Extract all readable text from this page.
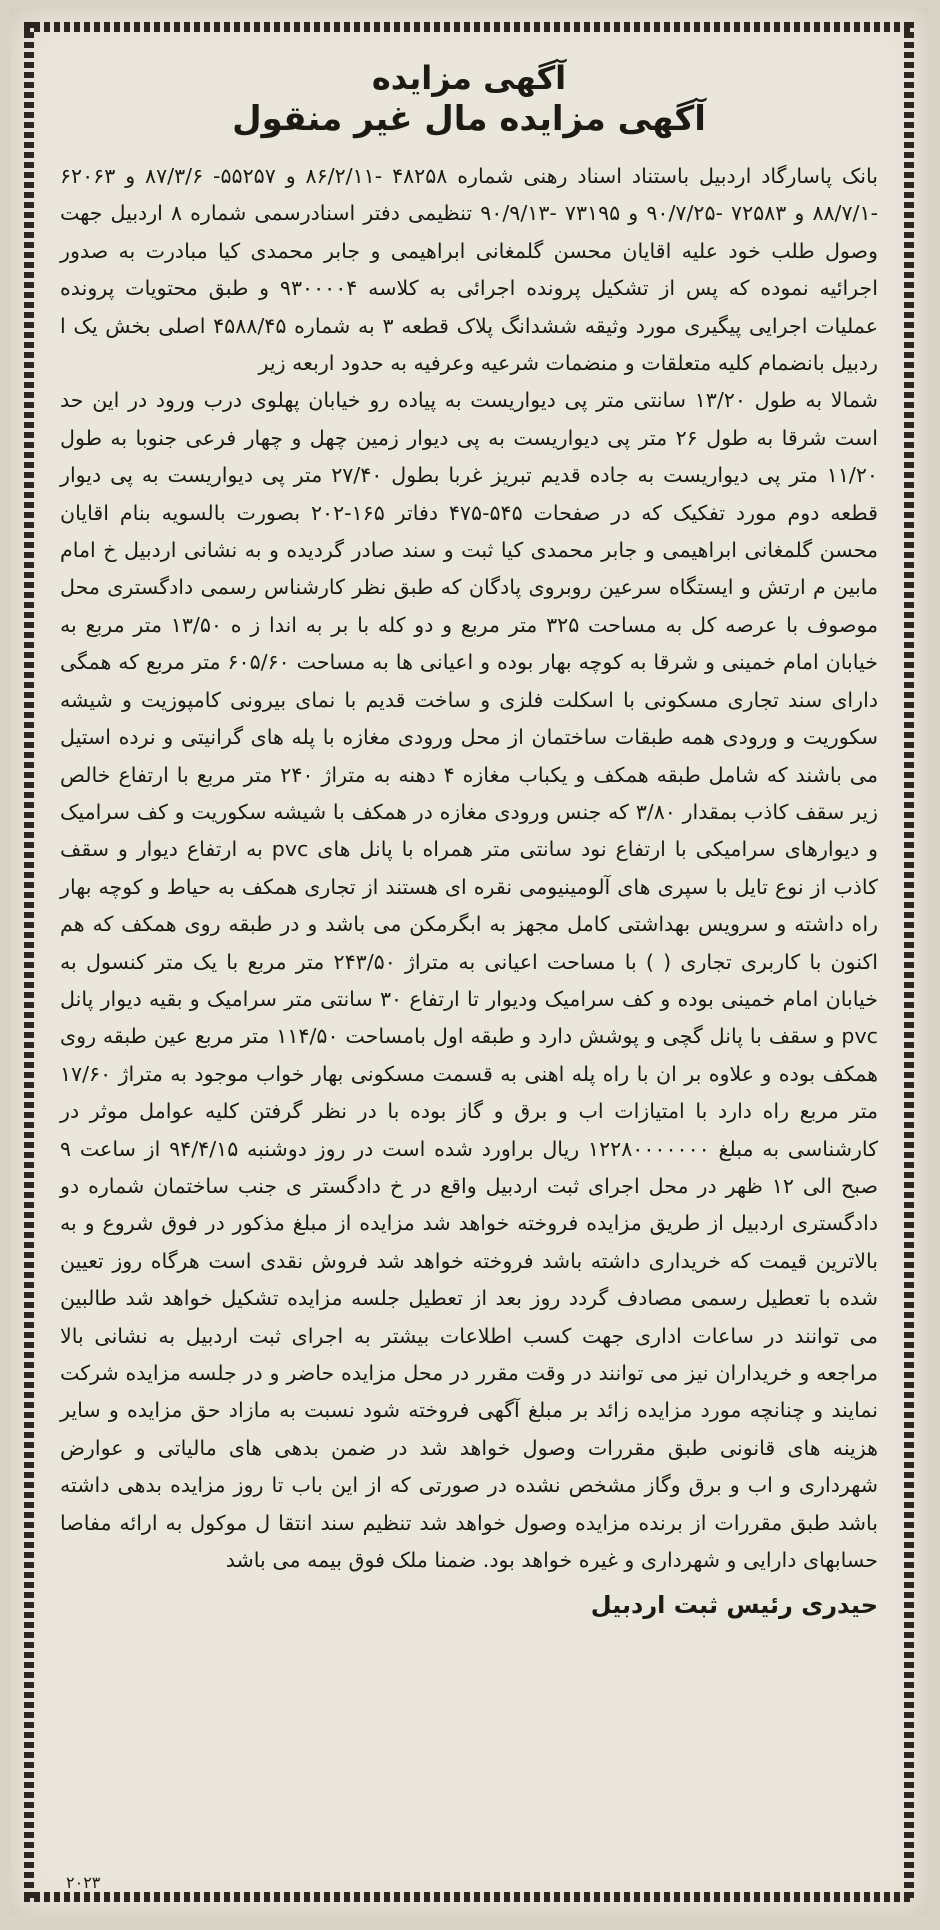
آگهی مزایده
آگهی مزایده مال غیر منقول

بانک پاسارگاد اردبیل باستناد اسناد رهنی شماره ۴۸۲۵۸ -۸۶/۲/۱۱ و ۵۵۲۵۷- ۸۷/۳/۶ و ۶۲۰۶۳ -۸۸/۷/۱ و ۷۲۵۸۳ -۹۰/۷/۲۵ و ۷۳۱۹۵ -۹۰/۹/۱۳ تنظیمی دفتر اسنادرسمی شماره ۸ اردبیل جهت وصول طلب خود علیه اقایان محسن گلمغانی ابراهیمی و جابر محمدی کیا مبادرت به صدور اجرائیه نموده که پس از تشکیل پرونده اجرائی به کلاسه ۹۳۰۰۰۰۴ و طبق محتویات پرونده عملیات اجرایی پیگیری مورد وثیقه ششدانگ پلاک قطعه ۳ به شماره ۴۵۸۸/۴۵ اصلی بخش یک ا ردبیل بانضمام کلیه متعلقات و منضمات شرعیه وعرفیه به حدود اربعه زیر

شمالا به طول ۱۳/۲۰ سانتی متر پی دیواریست به پیاده رو خیابان پهلوی درب ورود در این حد است شرقا به طول ۲۶ متر پی دیواریست به پی دیوار زمین چهل و چهار فرعی جنوبا به طول ۱۱/۲۰ متر پی دیواریست به جاده قدیم تبریز غربا بطول ۲۷/۴۰ متر پی دیواریست به پی دیوار قطعه دوم مورد تفکیک که در صفحات ۵۴۵-۴۷۵ دفاتر ۱۶۵-۲۰۲ بصورت بالسویه بنام اقایان محسن گلمغانی ابراهیمی و جابر محمدی کیا ثبت و سند صادر گردیده و به نشانی اردبیل خ امام مابین م ارتش و ایستگاه سرعین روبروی پادگان که طبق نظر کارشناس رسمی دادگستری محل موصوف با عرصه کل به مساحت ۳۲۵ متر مربع و دو کله با بر به اندا ز ه ۱۳/۵۰ متر مربع به خیابان امام خمینی و شرقا به کوچه بهار بوده و اعیانی ها به مساحت ۶۰۵/۶۰ متر مربع که همگی دارای سند تجاری مسکونی با اسکلت فلزی و ساخت قدیم با نمای بیرونی کامپوزیت و شیشه سکوریت و ورودی همه طبقات ساختمان از محل ورودی مغازه با پله های گرانیتی و نرده استیل می باشند که شامل طبقه همکف و یکباب مغازه ۴ دهنه به متراژ ۲۴۰ متر مربع با ارتفاع خالص زیر سقف کاذب بمقدار ۳/۸۰ که جنس ورودی مغازه در همکف با شیشه سکوریت و کف سرامیک و دیوارهای سرامیکی با ارتفاع نود سانتی متر همراه با پانل های pvc به ارتفاع دیوار و سقف کاذب از نوع تایل با سپری های آلومینیومی نقره ای هستند از تجاری همکف به حیاط و کوچه بهار راه داشته و سرویس بهداشتی کامل مجهز به ابگرمکن می باشد و در طبقه روی همکف که هم اکنون با کاربری تجاری ( ) با مساحت اعیانی به متراژ ۲۴۳/۵۰ متر مربع با یک متر کنسول به خیابان امام خمینی بوده و کف سرامیک ودیوار تا ارتفاع ۳۰ سانتی متر سرامیک و بقیه دیوار پانل pvc و سقف با پانل گچی و پوشش دارد و طبقه اول بامساحت ۱۱۴/۵۰ متر مربع عین طبقه روی همکف بوده و علاوه بر ان با راه پله اهنی به قسمت مسکونی بهار خواب موجود به متراژ ۱۷/۶۰ متر مربع راه دارد با امتیازات اب و برق و گاز بوده با در نظر گرفتن کلیه عوامل موثر در کارشناسی به مبلغ ۱۲۲۸۰۰۰۰۰۰۰ ریال براورد شده است در روز دوشنبه ۹۴/۴/۱۵ از ساعت ۹ صبح الی ۱۲ ظهر در محل اجرای ثبت اردبیل واقع در خ دادگستر ی جنب ساختمان شماره دو دادگستری اردبیل از طریق مزایده فروخته خواهد شد مزایده از مبلغ مذکور در فوق شروع و به بالاترین قیمت که خریداری داشته باشد فروخته خواهد شد فروش نقدی است هرگاه روز تعیین شده با تعطیل رسمی مصادف گردد روز بعد از تعطیل جلسه مزایده تشکیل خواهد شد طالبین می توانند در ساعات اداری جهت کسب اطلاعات بیشتر به اجرای ثبت اردبیل به نشانی بالا مراجعه و خریداران نیز می توانند در وقت مقرر در محل مزایده حاضر و در جلسه مزایده شرکت نمایند و چنانچه مورد مزایده زائد بر مبلغ آگهی فروخته شود نسبت به مازاد حق مزایده و سایر هزینه های قانونی طبق مقررات وصول خواهد شد در ضمن بدهی های مالیاتی و عوارض شهرداری و اب و برق وگاز مشخص نشده در صورتی که از این باب تا روز مزایده بدهی داشته باشد طبق مقررات از برنده مزایده وصول خواهد شد تنظیم سند انتقا ل موکول به ارائه مفاصا حسابهای دارایی و شهرداری و غیره خواهد بود. ضمنا ملک فوق بیمه می باشد

حیدری رئیس ثبت اردبیل
۲۰۲۳
